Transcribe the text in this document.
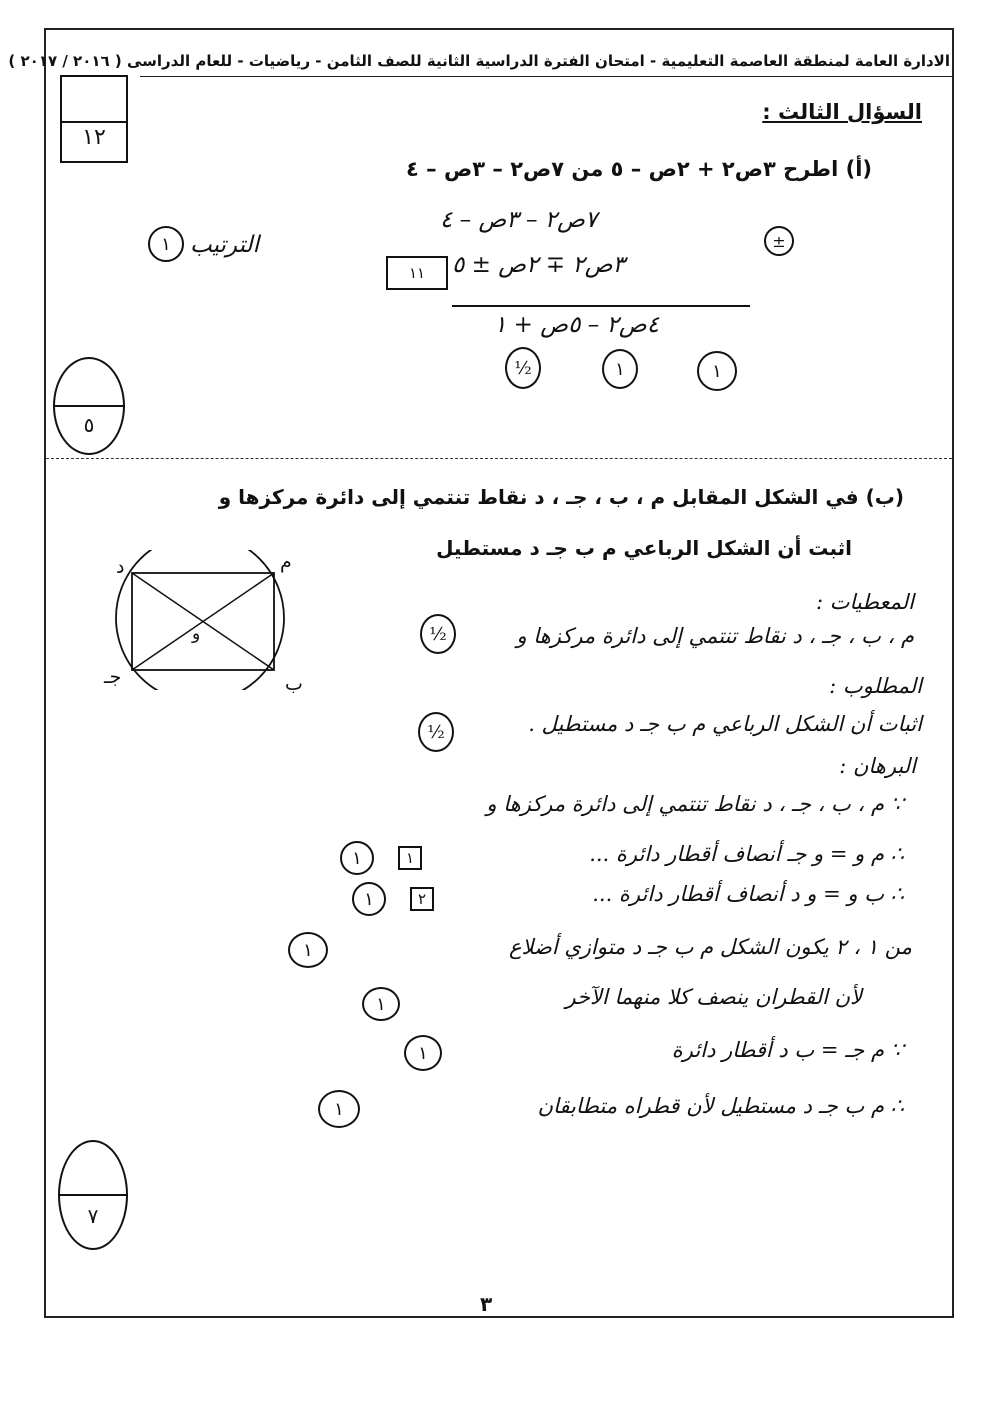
الادارة العامة لمنطقة العاصمة التعليمية - امتحان الفترة الدراسية الثانية للصف الثامن - رياضيات - للعام الدراسى ( ٢٠١٦ / ٢٠١٧ )
١٢
السؤال الثالث :
(أ) اطرح ٣ص٢ + ٢ص – ٥ من ٧ص٢ – ٣ص – ٤
الترتيب
١
٧ص٢ – ٣ص – ٤
٣ص٢ ∓ ٢ص ± ٥
±
١١
٤ص٢ – ٥ص + ١
½	١	١
٥
(ب) في الشكل المقابل م ، ب ، جـ ، د نقاط تنتمي إلى دائرة مركزها و
اثبت أن الشكل الرباعي م ب جـ د مستطيل
م
د
جـ	ب
و
المعطيات :
م ، ب ، جـ ، د نقاط تنتمي إلى دائرة مركزها و
½
المطلوب :
اثبات أن الشكل الرباعي م ب جـ د مستطيل .
½
البرهان :
∵ م ، ب ، جـ ، د نقاط تنتمي إلى دائرة مركزها و
∴ م و = و جـ أنصاف أقطار دائرة ...
١
١
∴ ب و = و د أنصاف أقطار دائرة ...
٢
١
من ١ ، ٢ يكون الشكل م ب جـ د متوازي أضلاع
١
لأن القطران ينصف كلا منهما الآخر
١
∵ م جـ = ب د أقطار دائرة
١
∴ م ب جـ د مستطيل لأن قطراه متطابقان
١
٧
٣
